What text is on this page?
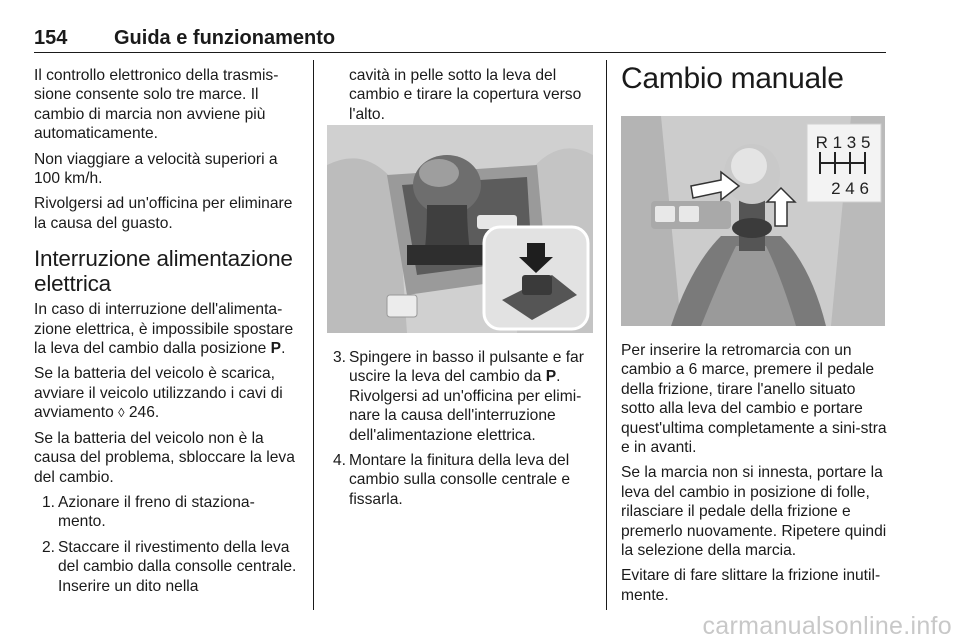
154 Guida e funzionamento

Il controllo elettronico della trasmis-sione consente solo tre marce. Il cambio di marcia non avviene più automaticamente.

Non viaggiare a velocità superiori a 100 km/h.

Rivolgersi ad un'officina per eliminare la causa del guasto.

Interruzione alimentazione elettrica

In caso di interruzione dell'alimenta-zione elettrica, è impossibile spostare la leva del cambio dalla posizione P.

Se la batteria del veicolo è scarica, avviare il veicolo utilizzando i cavi di avviamento ◊ 246.

Se la batteria del veicolo non è la causa del problema, sbloccare la leva del cambio.

1. Azionare il freno di staziona-mento.
2. Staccare il rivestimento della leva del cambio dalla consolle centrale. Inserire un dito nella

cavità in pelle sotto la leva del cambio e tirare la copertura verso l'alto.

3. Spingere in basso il pulsante e far uscire la leva del cambio da P. Rivolgersi ad un'officina per elimi-nare la causa dell'interruzione dell'alimentazione elettrica.
4. Montare la finitura della leva del cambio sulla consolle centrale e fissarla.
Cambio manuale
R 1 3 5
2 4 6

Per inserire la retromarcia con un cambio a 6 marce, premere il pedale della frizione, tirare l'anello situato sotto alla leva del cambio e portare quest'ultima completamente a sini-stra e in avanti.

Se la marcia non si innesta, portare la leva del cambio in posizione di folle, rilasciare il pedale della frizione e premerlo nuovamente. Ripetere quindi la selezione della marcia.

Evitare di fare slittare la frizione inutil-mente.

carmanualsonline.info
